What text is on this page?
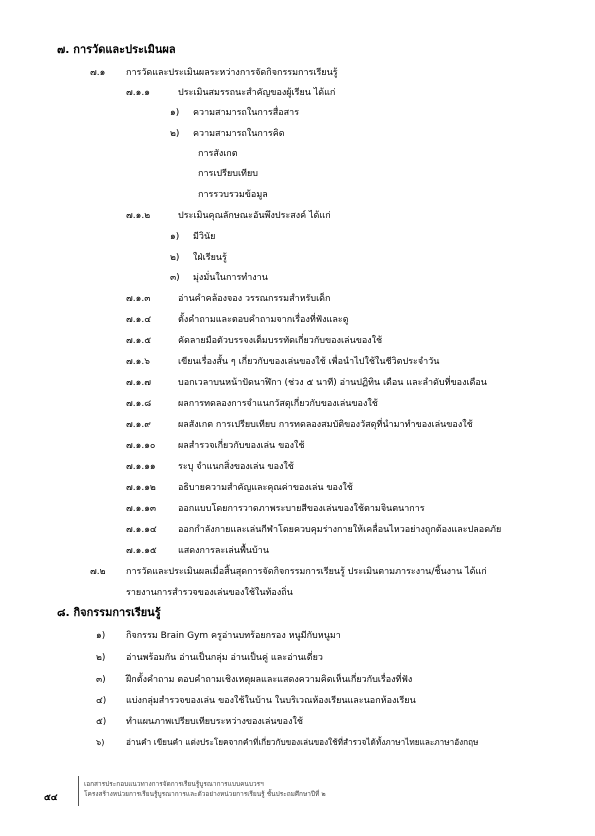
๗. การวัดและประเมินผล
๗.๑ การวัดและประเมินผลระหว่างการจัดกิจกรรมการเรียนรู้
๗.๑.๑	ประเมินสมรรถนะสำคัญของผู้เรียน ได้แก่
๑) ความสามารถในการสื่อสาร
๒) ความสามารถในการคิด
การสังเกต
การเปรียบเทียบ
การรวบรวมข้อมูล
๗.๑.๒	ประเมินคุณลักษณะอันพึงประสงค์ ได้แก่
๑) มีวินัย
๒) ใฝ่เรียนรู้
๓) มุ่งมั่นในการทำงาน
๗.๑.๓	อ่านคำคล้องจอง วรรณกรรมสำหรับเด็ก
๗.๑.๔	ตั้งคำถามและตอบคำถามจากเรื่องที่ฟังและดู
๗.๑.๕	คัดลายมือตัวบรรจงเต็มบรรทัดเกี่ยวกับของเล่นของใช้
๗.๑.๖	เขียนเรื่องสั้น ๆ เกี่ยวกับของเล่นของใช้ เพื่อนำไปใช้ในชีวิตประจำวัน
๗.๑.๗	บอกเวลาบนหน้าปัดนาฬิกา (ช่วง ๕ นาที) อ่านปฏิทิน เดือน และลำดับที่ของเดือน
๗.๑.๘	ผลการทดลองการจำแนกวัสดุเกี่ยวกับของเล่นของใช้
๗.๑.๙	ผลสังเกต การเปรียบเทียบ การทดลองสมบัติของวัสดุที่นำมาทำของเล่นของใช้
๗.๑.๑๐	ผลสำรวจเกี่ยวกับของเล่น ของใช้
๗.๑.๑๑ ระบุ จำแนกสิ่งของเล่น ของใช้
๗.๑.๑๒ อธิบายความสำคัญและคุณค่าของเล่น ของใช้
๗.๑.๑๓ ออกแบบโดยการวาดภาพระบายสีของเล่นของใช้ตามจินตนาการ
๗.๑.๑๔ ออกกำลังกายและเล่นกีฬาโดยควบคุมร่างกายให้เคลื่อนไหวอย่างถูกต้องและปลอดภัย
๗.๑.๑๕ แสดงการละเล่นพื้นบ้าน
๗.๒ การวัดและประเมินผลเมื่อสิ้นสุดการจัดกิจกรรมการเรียนรู้ ประเมินตามภาระงาน/ชิ้นงาน ได้แก่
รายงานการสำรวจของเล่นของใช้ในท้องถิ่น
๘. กิจกรรมการเรียนรู้
๑) กิจกรรม Brain Gym ครูอ่านบทร้อยกรอง หนูมีกับหนูมา
๒) อ่านพร้อมกัน อ่านเป็นกลุ่ม อ่านเป็นคู่ และอ่านเดี่ยว
๓) ฝึกตั้งคำถาม ตอบคำถามเชิงเหตุผลและแสดงความคิดเห็นเกี่ยวกับเรื่องที่ฟัง
๔) แบ่งกลุ่มสำรวจของเล่น ของใช้ในบ้าน ในบริเวณห้องเรียนและนอกห้องเรียน
๕) ทำแผนภาพเปรียบเทียบระหว่างของเล่นของใช้
๖)	อ่านคำ เขียนคำ แต่งประโยคจากคำที่เกี่ยวกับของเล่นของใช้ที่สำรวจได้ทั้งภาษาไทยและภาษาอังกฤษ
๕๔
เอกสารประกอบแนวทางการจัดการเรียนรู้บูรณาการแบบคนบวรฯ
โครงสร้างหน่วยการเรียนรู้บูรณาการและตัวอย่างหน่วยการเรียนรู้ ชั้นประถมศึกษาปีที่ ๒
